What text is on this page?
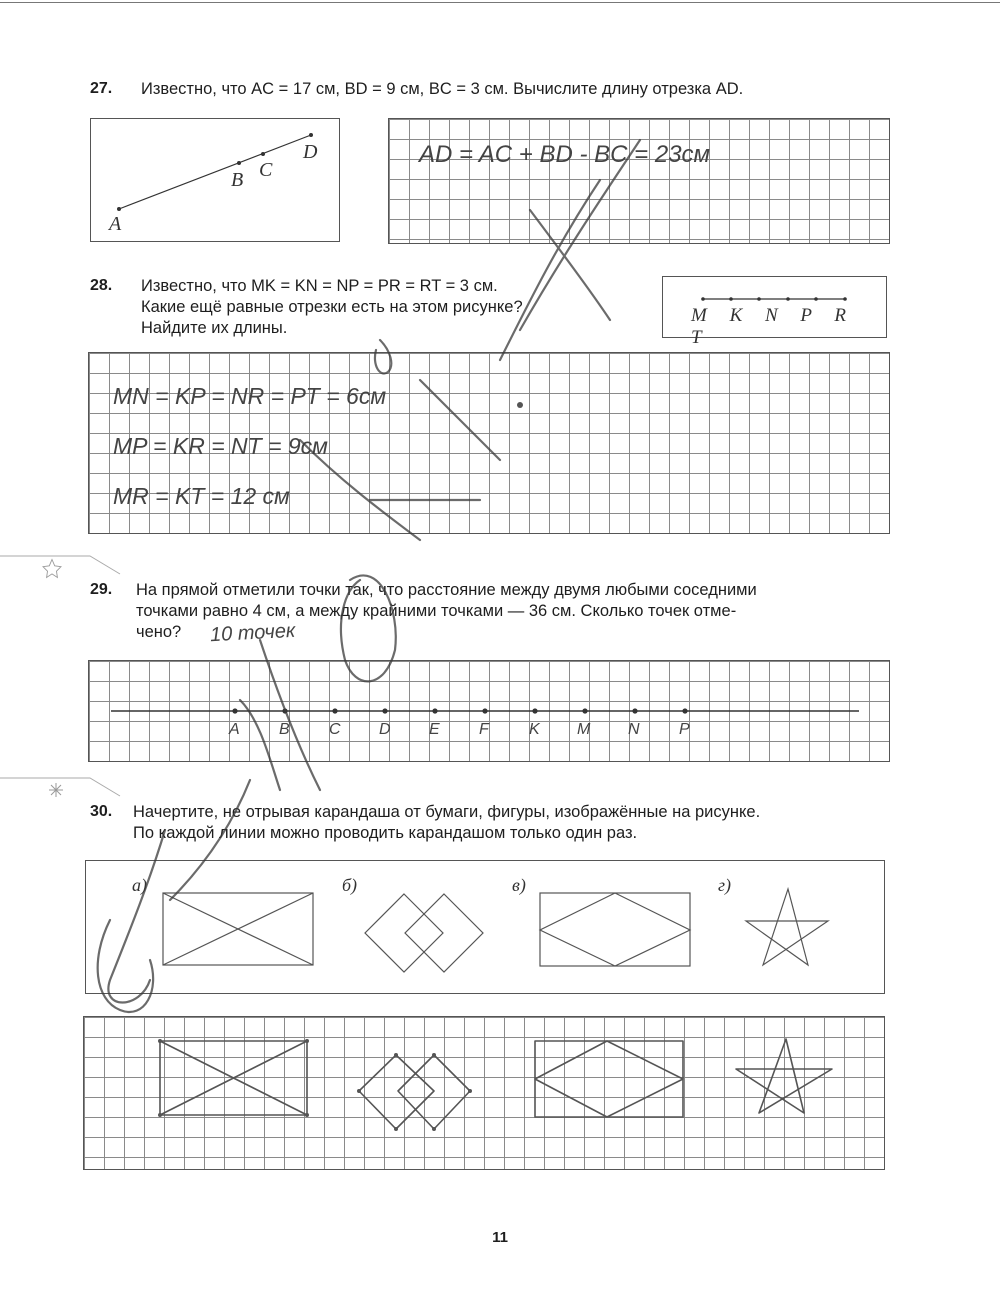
27. Известно, что AC = 17 см, BD = 9 см, BC = 3 см. Вычислите длину отрезка AD.
A
B C
D	AD = AC + BD - BC = 23см
28. Известно, что MK = KN = NP = PR = RT = 3 см.
Какие ещё равные отрезки есть на этом рисунке?
Найдите их длины.
M K N P R T
MN = KP = NR = PT = 6см
MP = KR = NT = 9см
MR = KT = 12 см
29. На прямой отметили точки так, что расстояние между двумя любыми соседними
точками равно 4 см, а между крайними точками — 36 см. Сколько точек отме-
чено? 10 точек
A B C D E F	K M N P
30. Начертите, не отрывая карандаша от бумаги, фигуры, изображённые на рисунке.
По каждой линии можно проводить карандашом только один раз.
а)	б)	в)	г)
11
